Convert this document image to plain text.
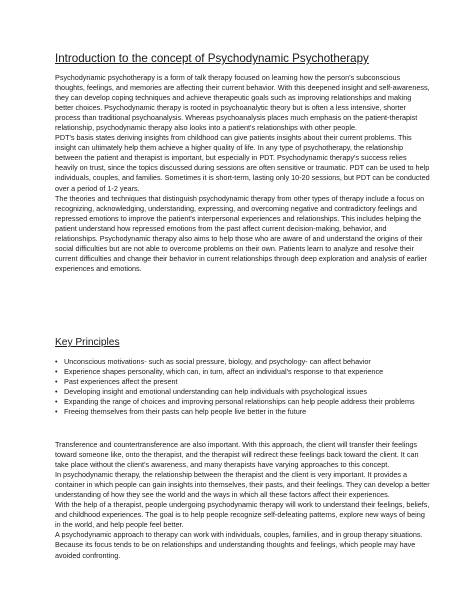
Introduction to the concept of Psychodynamic Psychotherapy

Psychodynamic psychotherapy is a form of talk therapy focused on learning how the person's subconscious thoughts, feelings, and memories are affecting their current behavior. With this deepened insight and self-awareness, they can develop coping techniques and achieve therapeutic goals such as improving relationships and making better choices. Psychodynamic therapy is rooted in psychoanalytic theory but is often a less intensive, shorter process than traditional psychoanalysis. Whereas psychoanalysis places much emphasis on the patient-therapist relationship, psychodynamic therapy also looks into a patient's relationships with other people.

PDT's basis states deriving insights from childhood can give patients insights about their current problems. This insight can ultimately help them achieve a higher quality of life. In any type of psychotherapy, the relationship between the patient and therapist is important, but especially in PDT. Psychodynamic therapy's success relies heavily on trust, since the topics discussed during sessions are often sensitive or traumatic. PDT can be used to help individuals, couples, and families. Sometimes it is short-term, lasting only 10-20 sessions, but PDT can be conducted over a period of 1-2 years.

The theories and techniques that distinguish psychodynamic therapy from other types of therapy include a focus on recognizing, acknowledging, understanding, expressing, and overcoming negative and contradictory feelings and repressed emotions to improve the patient's interpersonal experiences and relationships. This includes helping the patient understand how repressed emotions from the past affect current decision-making, behavior, and relationships. Psychodynamic therapy also aims to help those who are aware of and understand the origins of their social difficulties but are not able to overcome problems on their own. Patients learn to analyze and resolve their current difficulties and change their behavior in current relationships through deep exploration and analysis of earlier experiences and emotions.

Key Principles
• Unconscious motivations- such as social pressure, biology, and psychology- can affect behavior
• Experience shapes personality, which can, in turn, affect an individual's response to that experience
• Past experiences affect the present
• Developing insight and emotional understanding can help individuals with psychological issues
• Expanding the range of choices and improving personal relationships can help people address their problems
• Freeing themselves from their pasts can help people live better in the future

Transference and countertransference are also important. With this approach, the client will transfer their feelings toward someone like, onto the therapist, and the therapist will redirect these feelings back toward the client. It can take place without the client's awareness, and many therapists have varying approaches to this concept.

In psychodynamic therapy, the relationship between the therapist and the client is very important. It provides a container in which people can gain insights into themselves, their pasts, and their feelings. They can develop a better understanding of how they see the world and the ways in which all these factors affect their experiences.

With the help of a therapist, people undergoing psychodynamic therapy will work to understand their feelings, beliefs, and childhood experiences. The goal is to help people recognize self-defeating patterns, explore new ways of being in the world, and help people feel better.

A psychodynamic approach to therapy can work with individuals, couples, families, and in group therapy situations. Because its focus tends to be on relationships and understanding thoughts and feelings, which people may have avoided confronting.
